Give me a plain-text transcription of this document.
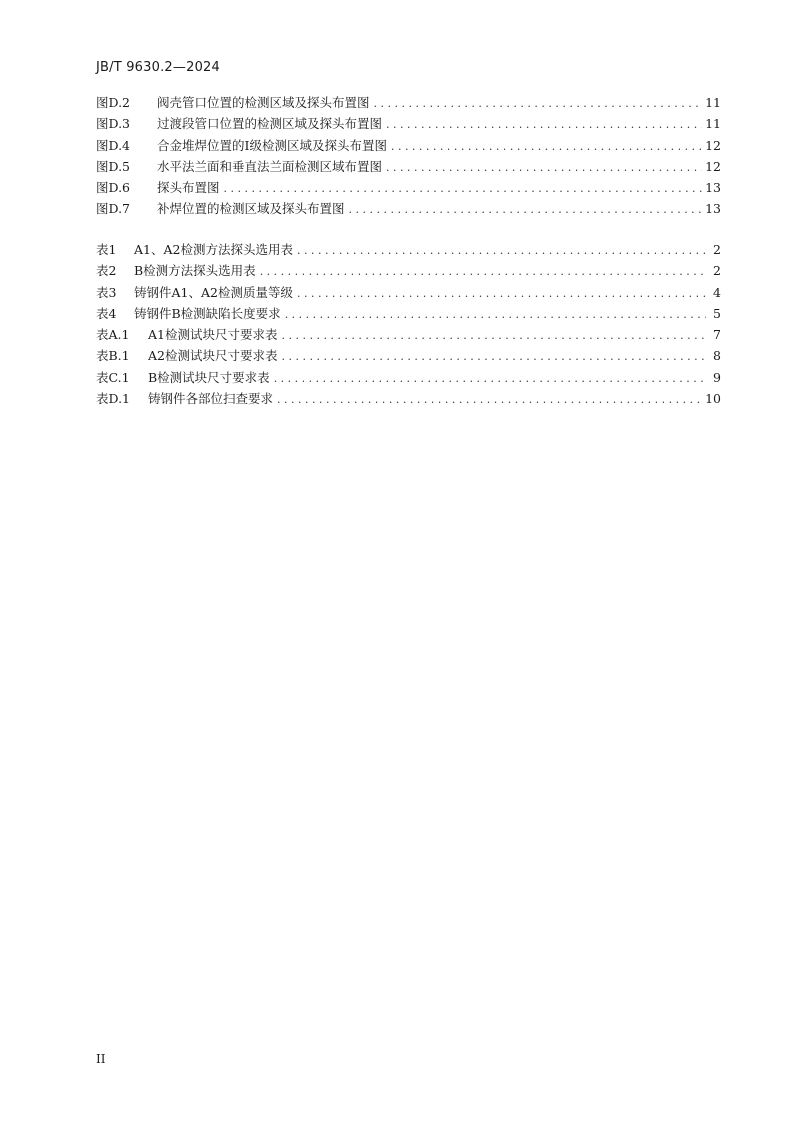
JB/T 9630.2—2024
图D.2	阀壳管口位置的检测区域及探头布置图 . . .	11
图D.3	过渡段管口位置的检测区域及探头布置图 . . .	11
图D.4	合金堆焊位置的Ⅰ级检测区域及探头布置图 . . .	12
图D.5	水平法兰面和垂直法兰面检测区域布置图 . . .	12
图D.6	探头布置图 . . .	13
图D.7	补焊位置的检测区域及探头布置图 . . .	13
表1	A1、A2检测方法探头选用表 . . .	2
表2	B检测方法探头选用表 . . .	2
表3	铸钢件A1、A2检测质量等级 . . .	4
表4	铸钢件B检测缺陷长度要求 . . .	5
表A.1	A1检测试块尺寸要求表 . . .	7
表B.1	A2检测试块尺寸要求表 . . .	8
表C.1	B检测试块尺寸要求表 . . .	9
表D.1	铸钢件各部位扫查要求 . . .	10
II
